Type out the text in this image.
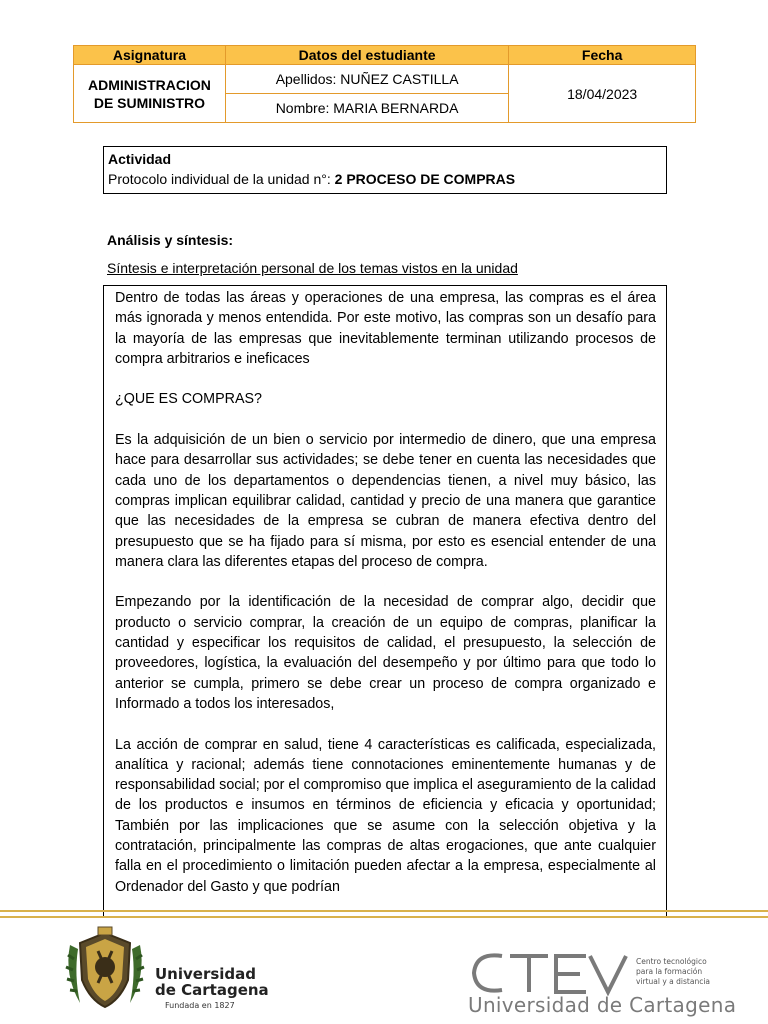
Asignatura	Datos del estudiante	Fecha

ADMINISTRACION
DE SUMINISTRO	Apellidos: NUÑEZ CASTILLA	18/04/2023
	Nombre: MARIA BERNARDA	
Actividad
Protocolo individual de la unidad n°: 2 PROCESO DE COMPRAS
Análisis y síntesis:
Síntesis e interpretación personal de los temas vistos en la unidad

Dentro de todas las áreas y operaciones de una empresa, las compras es el área más ignorada y menos entendida. Por este motivo, las compras son un desafío para la mayoría de las empresas que inevitablemente terminan utilizando procesos de compra arbitrarios e ineficaces

¿QUE ES COMPRAS?

Es la adquisición de un bien o servicio por intermedio de dinero, que una empresa hace para desarrollar sus actividades; se debe tener en cuenta las necesidades que cada uno de los departamentos o dependencias tienen, a nivel muy básico, las compras implican equilibrar calidad, cantidad y precio de una manera que garantice que las necesidades de la empresa se cubran de manera efectiva dentro del presupuesto que se ha fijado para sí misma, por esto es esencial entender de una manera clara las diferentes etapas del proceso de compra.

Empezando por la identificación de la necesidad de comprar algo, decidir que producto o servicio comprar, la creación de un equipo de compras, planificar la cantidad y especificar los requisitos de calidad, el presupuesto, la selección de proveedores, logística, la evaluación del desempeño y por último para que todo lo anterior se cumpla, primero se debe crear un proceso de compra organizado e Informado a todos los interesados,

La acción de comprar en salud, tiene 4 características es calificada, especializada, analítica y racional; además tiene connotaciones eminentemente humanas y de responsabilidad social; por el compromiso que implica el aseguramiento de la calidad de los productos e insumos en términos de eficiencia y eficacia y oportunidad; También por las implicaciones que se asume con la selección objetiva y la contratación, principalmente las compras de altas erogaciones, que ante cualquier falla en el procedimiento o limitación pueden afectar a la empresa, especialmente al Ordenador del Gasto y que podrían

Universidad
de Cartagena
Fundada en 1827
Centro tecnológico
para la formación
virtual y a distancia
Universidad de Cartagena
